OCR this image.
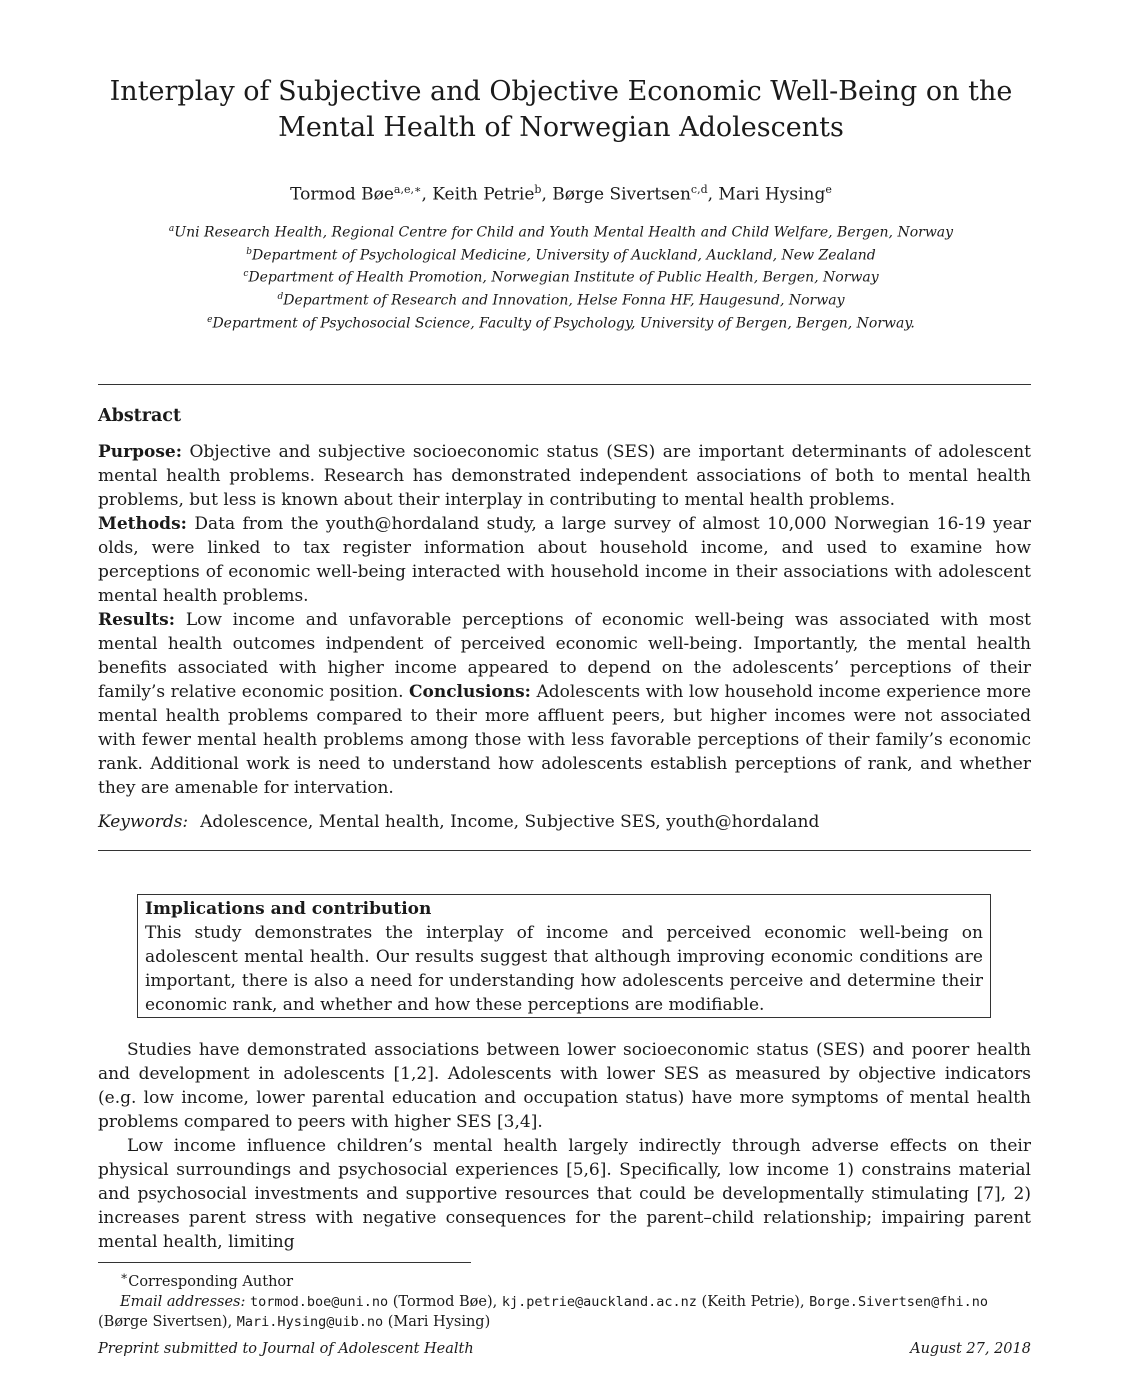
Interplay of Subjective and Objective Economic Well-Being on the Mental Health of Norwegian Adolescents
Tormod Bøe$^{a,e,∗}$, Keith Petrie$^b$, Børge Sivertsen$^{c,d}$, Mari Hysing$^e$
$^a$Uni Research Health, Regional Centre for Child and Youth Mental Health and Child Welfare, Bergen, Norway
$^b$Department of Psychological Medicine, University of Auckland, Auckland, New Zealand
$^c$Department of Health Promotion, Norwegian Institute of Public Health, Bergen, Norway
$^d$Department of Research and Innovation, Helse Fonna HF, Haugesund, Norway
$^e$Department of Psychosocial Science, Faculty of Psychology, University of Bergen, Bergen, Norway.
Abstract

Purpose: Objective and subjective socioeconomic status (SES) are important determinants of adolescent mental health problems. Research has demonstrated independent associations of both to mental health problems, but less is known about their interplay in contributing to mental health problems.

Methods: Data from the youth@hordaland study, a large survey of almost 10,000 Norwegian 16-19 year olds, were linked to tax register information about household income, and used to examine how perceptions of economic well-being interacted with household income in their associations with adolescent mental health problems.

Results: Low income and unfavorable perceptions of economic well-being was associated with most mental health outcomes indpendent of perceived economic well-being. Importantly, the mental health benefits associated with higher income appeared to depend on the adolescents’ perceptions of their family’s relative economic position. Conclusions: Adolescents with low household income experience more mental health problems compared to their more affluent peers, but higher incomes were not associated with fewer mental health problems among those with less favorable perceptions of their family’s economic rank. Additional work is need to understand how adolescents establish perceptions of rank, and whether they are amenable for intervation.

Keywords: Adolescence, Mental health, Income, Subjective SES, youth@hordaland
Implications and contribution
This study demonstrates the interplay of income and perceived economic well-being on adolescent mental health. Our results suggest that although improving economic conditions are important, there is also a need for understanding how adolescents perceive and determine their economic rank, and whether and how these perceptions are modifiable.

Studies have demonstrated associations between lower socioeconomic status (SES) and poorer health and development in adolescents [1,2]. Adolescents with lower SES as measured by objective indicators (e.g. low income, lower parental education and occupation status) have more symptoms of mental health problems compared to peers with higher SES [3,4].

Low income influence children’s mental health largely indirectly through adverse effects on their physical surroundings and psychosocial experiences [5,6]. Specifically, low income 1) constrains material and psychosocial investments and supportive resources that could be developmentally stimulating [7], 2) increases parent stress with negative consequences for the parent–child relationship; impairing parent mental health, limiting

∗Corresponding Author

Email addresses: tormod.boe@uni.no (Tormod Bøe), kj.petrie@auckland.ac.nz (Keith Petrie), Borge.Sivertsen@fhi.no (Børge Sivertsen), Mari.Hysing@uib.no (Mari Hysing)

Preprint submitted to Journal of Adolescent Health	August 27, 2018
